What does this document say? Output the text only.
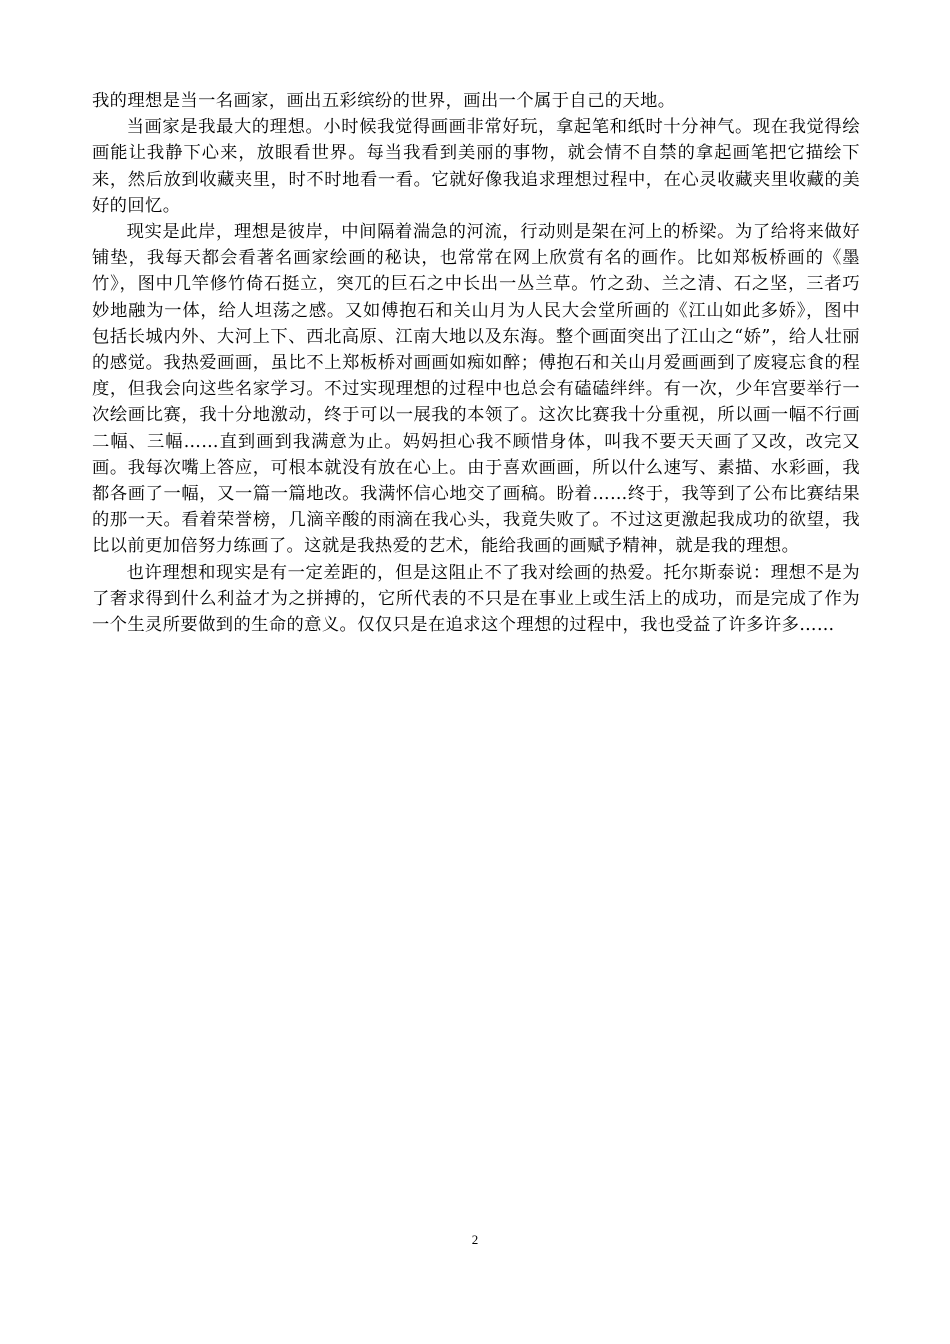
我的理想是当一名画家，画出五彩缤纷的世界，画出一个属于自己的天地。

当画家是我最大的理想。小时候我觉得画画非常好玩，拿起笔和纸时十分神气。现在我觉得绘画能让我静下心来，放眼看世界。每当我看到美丽的事物，就会情不自禁的拿起画笔把它描绘下来，然后放到收藏夹里，时不时地看一看。它就好像我追求理想过程中，在心灵收藏夹里收藏的美好的回忆。

现实是此岸，理想是彼岸，中间隔着湍急的河流，行动则是架在河上的桥梁。为了给将来做好铺垫，我每天都会看著名画家绘画的秘诀，也常常在网上欣赏有名的画作。比如郑板桥画的《墨竹》，图中几竿修竹倚石挺立，突兀的巨石之中长出一丛兰草。竹之劲、兰之清、石之坚，三者巧妙地融为一体，给人坦荡之感。又如傅抱石和关山月为人民大会堂所画的《江山如此多娇》，图中包括长城内外、大河上下、西北高原、江南大地以及东海。整个画面突出了江山之“娇”，给人壮丽的感觉。我热爱画画，虽比不上郑板桥对画画如痴如醉；傅抱石和关山月爱画画到了废寝忘食的程度，但我会向这些名家学习。不过实现理想的过程中也总会有磕磕绊绊。有一次，少年宫要举行一次绘画比赛，我十分地激动，终于可以一展我的本领了。这次比赛我十分重视，所以画一幅不行画二幅、三幅……直到画到我满意为止。妈妈担心我不顾惜身体，叫我不要天天画了又改，改完又画。我每次嘴上答应，可根本就没有放在心上。由于喜欢画画，所以什么速写、素描、水彩画，我都各画了一幅，又一篇一篇地改。我满怀信心地交了画稿。盼着……终于，我等到了公布比赛结果的那一天。看着荣誉榜，几滴辛酸的雨滴在我心头，我竟失败了。不过这更激起我成功的欲望，我比以前更加倍努力练画了。这就是我热爱的艺术，能给我画的画赋予精神，就是我的理想。

也许理想和现实是有一定差距的，但是这阻止不了我对绘画的热爱。托尔斯泰说：理想不是为了奢求得到什么利益才为之拼搏的，它所代表的不只是在事业上或生活上的成功，而是完成了作为一个生灵所要做到的生命的意义。仅仅只是在追求这个理想的过程中，我也受益了许多许多……

2
